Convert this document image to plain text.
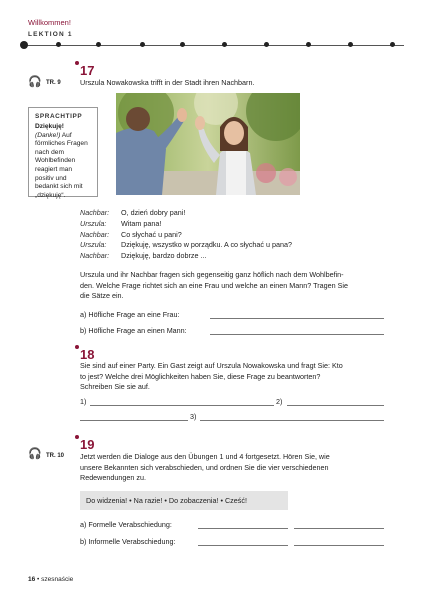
Willkommen!
LEKTION 1
🎧 TR. 9
17
Urszula Nowakowska trifft in der Stadt ihren Nachbarn.
SPRACHTIPP
Dziękuję! (Danke!) Auf förmliches Fragen nach dem Wohlbefinden reagiert man positiv und bedankt sich mit „dziękuję“.
Nachbar: O, dzień dobry pani!
Urszula: Witam pana!
Nachbar: Co słychać u pani?
Urszula: Dziękuję, wszystko w porządku. A co słychać u pana?
Nachbar: Dziękuję, bardzo dobrze ...
Urszula und ihr Nachbar fragen sich gegenseitig ganz höflich nach dem Wohlbefin-
den. Welche Frage richtet sich an eine Frau und welche an einen Mann? Tragen Sie
die Sätze ein.
a) Höfliche Frage an eine Frau:
b) Höfliche Frage an einen Mann:
18
Sie sind auf einer Party. Ein Gast zeigt auf Urszula Nowakowska und fragt Sie: Kto
to jest? Welche drei Möglichkeiten haben Sie, diese Frage zu beantworten?
Schreiben Sie sie auf.
1)	2)
3)
🎧 TR. 10
19
Jetzt werden die Dialoge aus den Übungen 1 und 4 fortgesetzt. Hören Sie, wie
unsere Bekannten sich verabschieden, und ordnen Sie die vier verschiedenen
Redewendungen zu.
Do widzenia! • Na razie! • Do zobaczenia! • Cześć!
a) Formelle Verabschiedung:
b) Informelle Verabschiedung:
16 • szesnaście
